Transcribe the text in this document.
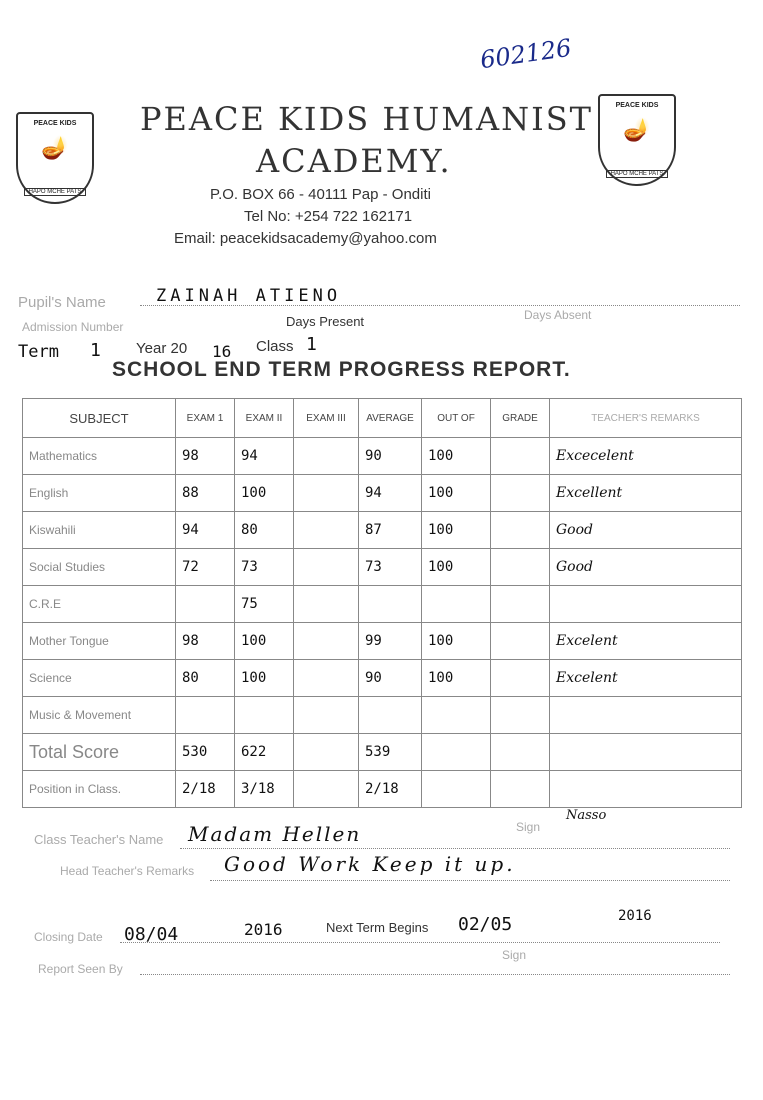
602126
PEACE KIDS
🪔
HAPO MCHE PATS
PEACE KIDS
🪔
HAPO MCHE PATS
PEACE KIDS HUMANIST
ACADEMY.
P.O. BOX 66 - 40111 Pap - Onditi
Tel No: +254 722 162171
Email: peacekidsacademy@yahoo.com
Pupil's Name	ZAINAH ATIENO
Admission Number	Days Present	Days Absent
Term 1 Year 20 16 Class 1
SCHOOL END TERM PROGRESS REPORT.
SUBJECT	EXAM 1	EXAM II	EXAM III	AVERAGE	OUT OF	GRADE	TEACHER'S REMARKS
Mathematics	98	94		90	100		Excecelent
English	88	100		94	100		Excellent
Kiswahili	94	80		87	100		Good
Social Studies	72	73		73	100		Good
C.R.E		75					
Mother Tongue	98	100		99	100		Excelent
Science	80	100		90	100		Excelent
Music & Movement							
Total Score	530	622		539			
Position in Class.	2/18	3/18		2/18			
Class Teacher's Name Madam Hellen	Sign
Nasso
Head Teacher's Remarks Good Work Keep it up.
Closing Date 08/04	2016	Next Term Begins 02/05	2016
Report Seen By
Sign
